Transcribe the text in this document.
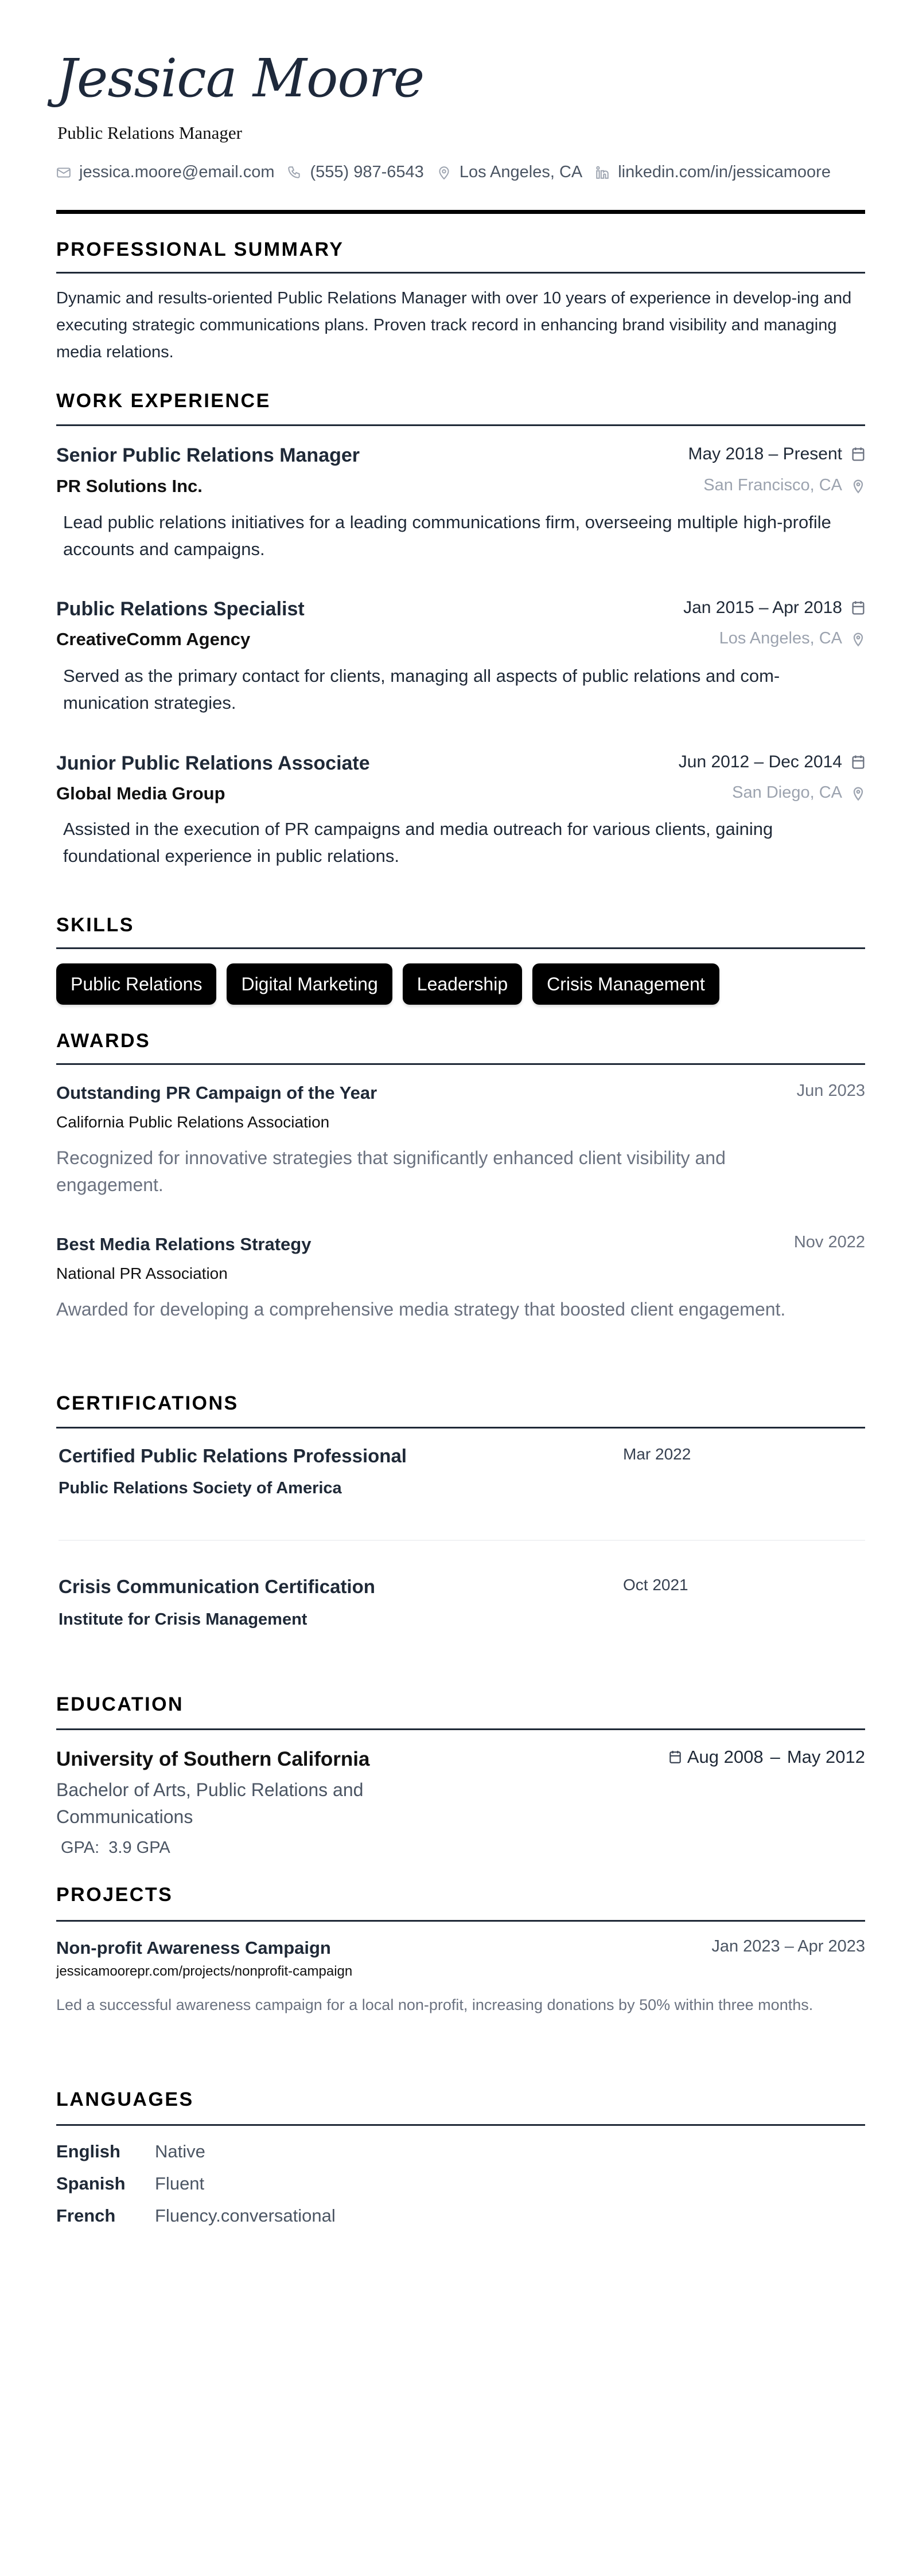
Jessica Moore
Public Relations Manager
jessica.moore@email.com (555) 987-6543 Los Angeles, CA linkedin.com/in/jessicamoore
PROFESSIONAL SUMMARY
Dynamic and results-oriented Public Relations Manager with over 10 years of experience in develop-ing and executing strategic communications plans. Proven track record in enhancing brand visibility and managing media relations.
WORK EXPERIENCE
Senior Public Relations Manager	May 2018 – Present
PR Solutions Inc.	San Francisco, CA
Lead public relations initiatives for a leading communications firm, overseeing multiple high-profile accounts and campaigns.
Public Relations Specialist	Jan 2015 – Apr 2018
CreativeComm Agency	Los Angeles, CA
Served as the primary contact for clients, managing all aspects of public relations and com-munication strategies.
Junior Public Relations Associate	Jun 2012 – Dec 2014
Global Media Group	San Diego, CA
Assisted in the execution of PR campaigns and media outreach for various clients, gaining foundational experience in public relations.
SKILLS
Public Relations	Digital Marketing	Leadership	Crisis Management
AWARDS
Outstanding PR Campaign of the Year	Jun 2023
California Public Relations Association
Recognized for innovative strategies that significantly enhanced client visibility and engagement.
Best Media Relations Strategy	Nov 2022
National PR Association
Awarded for developing a comprehensive media strategy that boosted client engagement.
CERTIFICATIONS
Certified Public Relations Professional	Mar 2022
Public Relations Society of America
Crisis Communication Certification	Oct 2021
Institute for Crisis Management
EDUCATION
University of Southern California	Aug 2008 – May 2012
Bachelor of Arts, Public Relations and Communications
GPA: 3.9 GPA
PROJECTS
Non-profit Awareness Campaign	Jan 2023 – Apr 2023
jessicamoorepr.com/projects/nonprofit-campaign
Led a successful awareness campaign for a local non-profit, increasing donations by 50% within three months.
LANGUAGES
English	Native
Spanish	Fluent
French	Fluency.conversational
